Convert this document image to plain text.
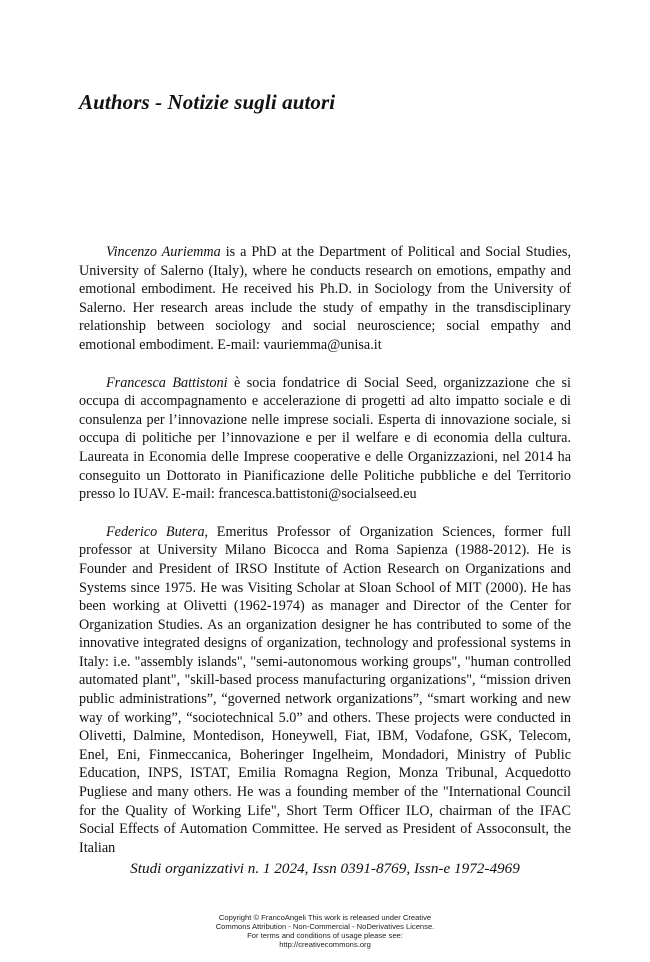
Authors - Notizie sugli autori

Vincenzo Auriemma is a PhD at the Department of Political and Social Studies, University of Salerno (Italy), where he conducts research on emotions, empathy and emotional embodiment. He received his Ph.D. in Sociology from the University of Salerno. Her research areas include the study of empathy in the transdisciplinary relationship between sociology and social neuroscience; social empathy and emotional embodiment. E-mail: vauriemma@unisa.it

Francesca Battistoni è socia fondatrice di Social Seed, organizzazione che si occupa di accompagnamento e accelerazione di progetti ad alto impatto sociale e di consulenza per l’innovazione nelle imprese sociali. Esperta di innovazione sociale, si occupa di politiche per l’innovazione e per il welfare e di economia della cultura. Laureata in Economia delle Imprese cooperative e delle Organizzazioni, nel 2014 ha conseguito un Dottorato in Pianificazione delle Politiche pubbliche e del Territorio presso lo IUAV. E-mail: francesca.battistoni@socialseed.eu

Federico Butera, Emeritus Professor of Organization Sciences, former full professor at University Milano Bicocca and Roma Sapienza (1988-2012). He is Founder and President of IRSO Institute of Action Research on Organizations and Systems since 1975. He was Visiting Scholar at Sloan School of MIT (2000). He has been working at Olivetti (1962-1974) as manager and Director of the Center for Organization Studies. As an organization designer he has contributed to some of the innovative integrated designs of organization, technology and professional systems in Italy: i.e. "assembly islands", "semi-autonomous working groups", "human controlled automated plant", "skill-based process manufacturing organizations", “mission driven public administrations”, “governed network organizations”, “smart working and new way of working”, “sociotechnical 5.0” and others. These projects were conducted in Olivetti, Dalmine, Montedison, Honeywell, Fiat, IBM, Vodafone, GSK, Telecom, Enel, Eni, Finmeccanica, Boheringer Ingelheim, Mondadori, Ministry of Public Education, INPS, ISTAT, Emilia Romagna Region, Monza Tribunal, Acquedotto Pugliese and many others. He was a founding member of the "International Council for the Quality of Working Life", Short Term Officer ILO, chairman of the IFAC Social Effects of Automation Committee. He served as President of Assoconsult, the Italian

Studi organizzativi n. 1 2024, Issn 0391-8769, Issn-e 1972-4969
Copyright © FrancoAngeli This work is released under Creative
Commons Attribution - Non-Commercial - NoDerivatives License.
For terms and conditions of usage please see:
http://creativecommons.org
